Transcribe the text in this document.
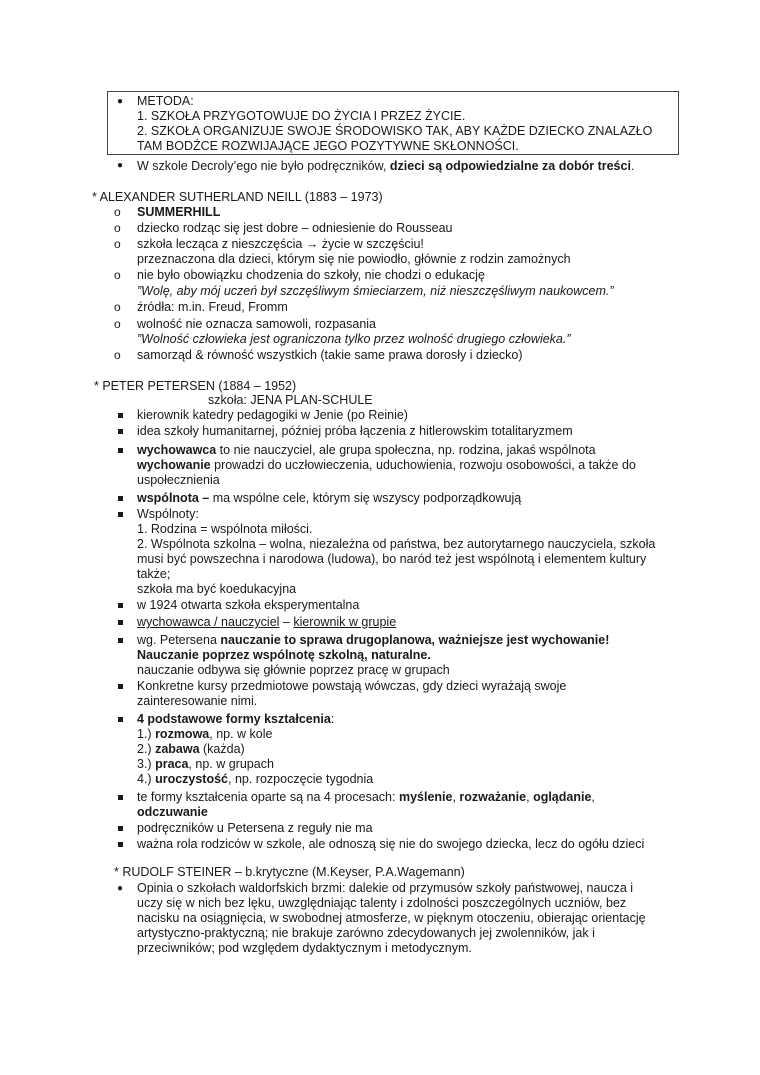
● METODA:
1. SZKOŁA PRZYGOTOWUJE DO ŻYCIA I PRZEZ ŻYCIE.
2. SZKOŁA ORGANIZUJE SWOJE ŚRODOWISKO TAK, ABY KAŻDE DZIECKO ZNALAZŁO
TAM BODŹCE ROZWIJAJĄCE JEGO POZYTYWNE SKŁONNOŚCI.
● W szkole Decroly’ego nie było podręczników, dzieci są odpowiedzialne za dobór treści.
* ALEXANDER SUTHERLAND NEILL (1883 – 1973)
o SUMMERHILL
o dziecko rodząc się jest dobre – odniesienie do Rousseau
o szkoła lecząca z nieszczęścia → życie w szczęściu!
przeznaczona dla dzieci, którym się nie powiodło, głównie z rodzin zamożnych
o nie było obowiązku chodzenia do szkoły, nie chodzi o edukację
”Wolę, aby mój uczeń był szczęśliwym śmieciarzem, niż nieszczęśliwym naukowcem.”
o źródła: m.in. Freud, Fromm
o wolność nie oznacza samowoli, rozpasania
”Wolność człowieka jest ograniczona tylko przez wolność drugiego człowieka.”
o samorząd & równość wszystkich (takie same prawa dorosły i dziecko)
* PETER PETERSEN (1884 – 1952)
szkoła: JENA PLAN-SCHULE
kierownik katedry pedagogiki w Jenie (po Reinie)
idea szkoły humanitarnej, później próba łączenia z hitlerowskim totalitaryzmem
wychowawca to nie nauczyciel, ale grupa społeczna, np. rodzina, jakaś wspólnota
wychowanie prowadzi do uczłowieczenia, uduchowienia, rozwoju osobowości, a także do
uspołecznienia
wspólnota – ma wspólne cele, którym się wszyscy podporządkowują
Wspólnoty:
1. Rodzina = wspólnota miłości.
2. Wspólnota szkolna – wolna, niezależna od państwa, bez autorytarnego nauczyciela, szkoła
musi być powszechna i narodowa (ludowa), bo naród też jest wspólnotą i elementem kultury
także;
szkoła ma być koedukacyjna
w 1924 otwarta szkoła eksperymentalna
wychowawca / nauczyciel – kierownik w grupie
wg. Petersena nauczanie to sprawa drugoplanowa, ważniejsze jest wychowanie!
Nauczanie poprzez wspólnotę szkolną, naturalne.
nauczanie odbywa się głównie poprzez pracę w grupach
Konkretne kursy przedmiotowe powstają wówczas, gdy dzieci wyrażają swoje
zainteresowanie nimi.
4 podstawowe formy kształcenia:
1.) rozmowa, np. w kole
2.) zabawa (każda)
3.) praca, np. w grupach
4.) uroczystość, np. rozpoczęcie tygodnia
te formy kształcenia oparte są na 4 procesach: myślenie, rozważanie, oglądanie,
odczuwanie
podręczników u Petersena z reguły nie ma
ważna rola rodziców w szkole, ale odnoszą się nie do swojego dziecka, lecz do ogółu dzieci
* RUDOLF STEINER – b.krytyczne (M.Keyser, P.A.Wagemann)
● Opinia o szkołach waldorfskich brzmi: dalekie od przymusów szkoły państwowej, naucza i
uczy się w nich bez lęku, uwzględniając talenty i zdolności poszczególnych uczniów, bez
nacisku na osiągnięcia, w swobodnej atmosferze, w pięknym otoczeniu, obierając orientację
artystyczno-praktyczną; nie brakuje zarówno zdecydowanych jej zwolenników, jak i
przeciwników; pod względem dydaktycznym i metodycznym.
